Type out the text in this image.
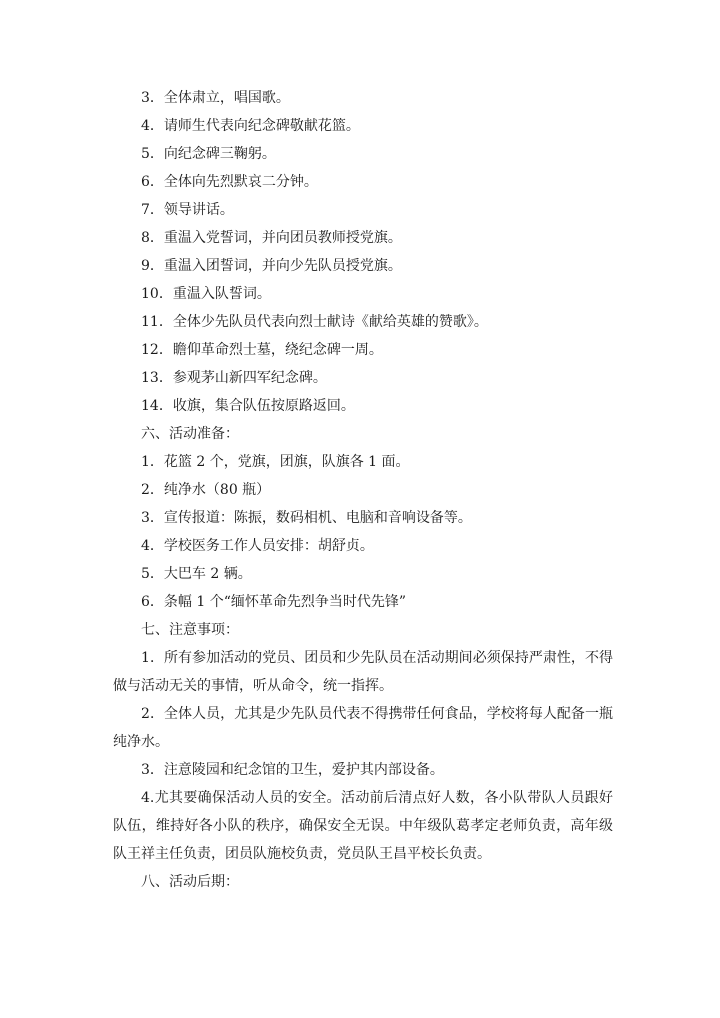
3．全体肃立，唱国歌。

4．请师生代表向纪念碑敬献花篮。

5．向纪念碑三鞠躬。

6．全体向先烈默哀二分钟。

7．领导讲话。

8．重温入党誓词，并向团员教师授党旗。

9．重温入团誓词，并向少先队员授党旗。

10．重温入队誓词。

11．全体少先队员代表向烈士献诗《献给英雄的赞歌》。

12．瞻仰革命烈士墓，绕纪念碑一周。

13．参观茅山新四军纪念碑。

14．收旗，集合队伍按原路返回。

六、活动准备：

1．花篮 2 个，党旗，团旗，队旗各 1 面。

2．纯净水（80 瓶）

3．宣传报道：陈振，数码相机、电脑和音响设备等。

4．学校医务工作人员安排：胡舒贞。

5．大巴车 2 辆。

6．条幅 1 个“缅怀革命先烈争当时代先锋”

七、注意事项：

1．所有参加活动的党员、团员和少先队员在活动期间必须保持严肃性，不得做与活动无关的事情，听从命令，统一指挥。

2．全体人员，尤其是少先队员代表不得携带任何食品，学校将每人配备一瓶纯净水。

3．注意陵园和纪念馆的卫生，爱护其内部设备。

4.尤其要确保活动人员的安全。活动前后清点好人数，各小队带队人员跟好队伍，维持好各小队的秩序，确保安全无误。中年级队葛孝定老师负责，高年级队王祥主任负责，团员队施校负责，党员队王昌平校长负责。

八、活动后期：
